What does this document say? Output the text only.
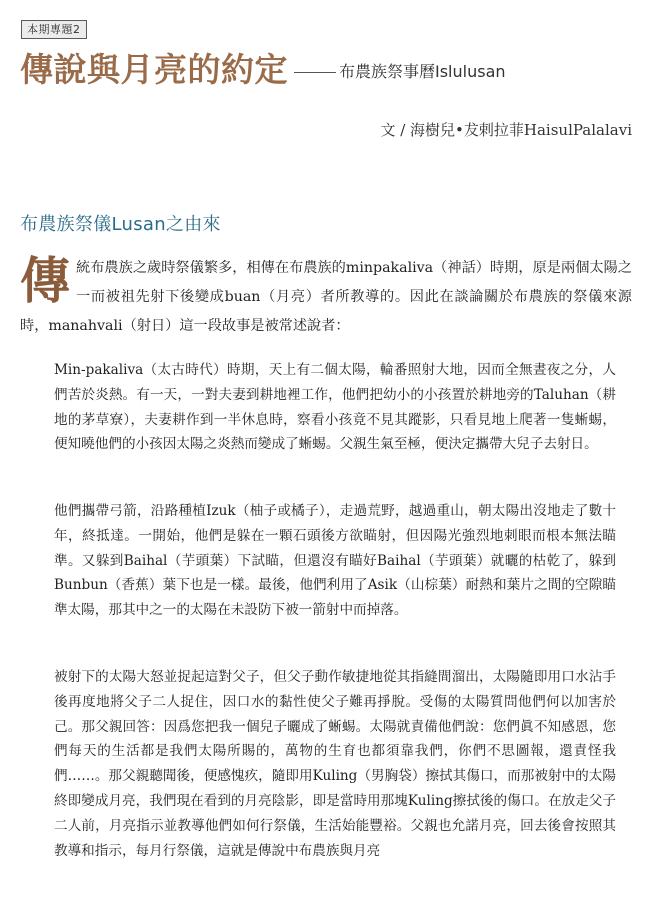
本期專題2
傳說與月亮的約定	布農族祭事曆Islulusan
文 / 海樹兒•犮剌拉菲HaisulPalalavi
布農族祭儀Lusan之由來
傳 統布農族之歲時祭儀繁多，相傳在布農族的minpakaliva（神話）時期，原是兩個太陽之一而被祖先射下後變成buan（月亮）者所教導的。因此在談論關於布農族的祭儀來源時，manahvali（射日）這一段故事是被常述說者：

Min-pakaliva（太古時代）時期，天上有二個太陽，輪番照射大地，因而全無晝夜之分，人們苦於炎熱。有一天，一對夫妻到耕地裡工作，他們把幼小的小孩置於耕地旁的Taluhan（耕地的茅草寮），夫妻耕作到一半休息時，察看小孩竟不見其蹤影，只看見地上爬著一隻蜥蜴，便知曉他們的小孩因太陽之炎熱而變成了蜥蜴。父親生氣至極，便決定攜帶大兒子去射日。

他們攜帶弓箭，沿路種植Izuk（柚子或橘子），走過荒野，越過重山，朝太陽出沒地走了數十年，終抵達。一開始，他們是躲在一顆石頭後方欲瞄射，但因陽光強烈地刺眼而根本無法瞄準。又躲到Baihal（芋頭葉）下試瞄，但還沒有瞄好Baihal（芋頭葉）就曬的枯乾了，躲到Bunbun（香蕉）葉下也是一樣。最後，他們利用了Asik（山棕葉）耐熱和葉片之間的空隙瞄準太陽，那其中之一的太陽在未設防下被一箭射中而掉落。

被射下的太陽大怒並捉起這對父子，但父子動作敏捷地從其指縫間溜出，太陽隨即用口水沾手後再度地將父子二人捉住，因口水的黏性使父子難再掙脫。受傷的太陽質問他們何以加害於己。那父親回答：因爲您把我一個兒子曬成了蜥蜴。太陽就責備他們說：您們眞不知感恩，您們每天的生活都是我們太陽所賜的，萬物的生育也都須靠我們，你們不思圖報，還責怪我們……。那父親聽聞後，便感愧疚，隨即用Kuling（男胸袋）擦拭其傷口，而那被射中的太陽終即變成月亮，我們現在看到的月亮陰影，即是當時用那塊Kuling擦拭後的傷口。在放走父子二人前，月亮指示並教導他們如何行祭儀，生活始能豐裕。父親也允諾月亮，回去後會按照其教導和指示，每月行祭儀，這就是傳說中布農族與月亮
